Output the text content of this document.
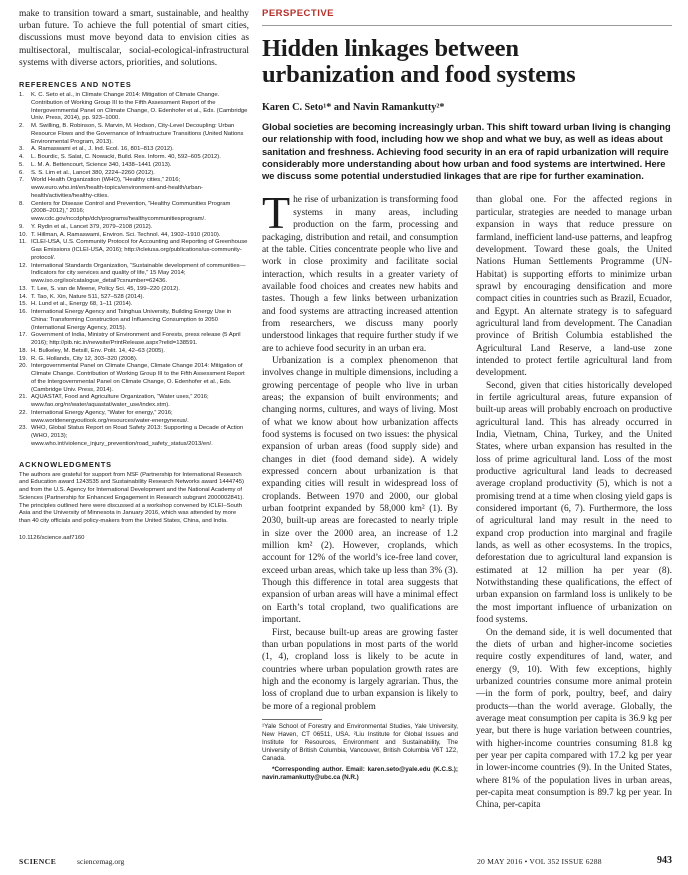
make to transition toward a smart, sustainable, and healthy urban future. To achieve the full potential of smart cities, discussions must move beyond data to envision cities as multisectoral, multiscalar, social-ecological-infrastructural systems with diverse actors, priorities, and solutions.

REFERENCES AND NOTES
1. K. C. Seto et al., in Climate Change 2014: Mitigation of Climate Change. Contribution of Working Group III to the Fifth Assessment Report of the Intergovernmental Panel on Climate Change, O. Edenhofer et al., Eds. (Cambridge Univ. Press, 2014), pp. 923–1000.
2. M. Swilling, B. Robinson, S. Marvin, M. Hodson, City-Level Decoupling: Urban Resource Flows and the Governance of Infrastructure Transitions (United Nations Environmental Program, 2013).
3. A. Ramaswami et al., J. Ind. Ecol. 16, 801–813 (2012).
4. L. Bourdic, S. Salat, C. Nowacki, Build. Res. Inform. 40, 592–605 (2012).
5. L. M. A. Bettencourt, Science 340, 1438–1441 (2013).
6. S. S. Lim et al., Lancet 380, 2224–2260 (2012).
7. World Health Organization (WHO), “Healthy cities,” 2016; www.euro.who.int/en/health-topics/environment-and-health/urban-health/activities/healthy-cities.
8. Centers for Disease Control and Prevention, “Healthy Communities Program (2008–2012),” 2016; www.cdc.gov/nccdphp/dch/programs/healthycommunitiesprogram/.
9. Y. Rydin et al., Lancet 379, 2079–2108 (2012).
10. T. Hillman, A. Ramaswami, Environ. Sci. Technol. 44, 1902–1910 (2010).
11. ICLEI-USA, U.S. Community Protocol for Accounting and Reporting of Greenhouse Gas Emissions (ICLEI-USA, 2016); http://icleiusa.org/publications/us-community-protocol/.
12. International Standards Organization, “Sustainable development of communities—Indicators for city services and quality of life,” 15 May 2014; www.iso.org/iso/catalogue_detail?csnumber=62436.
13. T. Lee, S. van de Meene, Policy Sci. 45, 199–220 (2012).
14. T. Tao, K. Xin, Nature 511, 527–528 (2014).
15. H. Lund et al., Energy 68, 1–11 (2014).
16. International Energy Agency and Tsinghua University, Building Energy Use in China: Transforming Construction and Influencing Consumption to 2050 (International Energy Agency, 2015).
17. Government of India, Ministry of Environment and Forests, press release (5 April 2016); http://pib.nic.in/newsite/PrintRelease.aspx?relid=138591.
18. H. Bulkeley, M. Betsill, Env. Polit. 14, 42–63 (2005).
19. R. G. Hollands, City 12, 303–320 (2008).
20. Intergovernmental Panel on Climate Change, Climate Change 2014: Mitigation of Climate Change. Contribution of Working Group III to the Fifth Assessment Report of the Intergovernmental Panel on Climate Change, O. Edenhofer et al., Eds. (Cambridge Univ. Press, 2014).
21. AQUASTAT, Food and Agriculture Organization, “Water uses,” 2016; www.fao.org/nr/water/aquastat/water_use/index.stm).
22. International Energy Agency, “Water for energy,” 2016; www.worldenergyoutlook.org/resources/water-energynexus/.
23. WHO, Global Status Report on Road Safety 2013: Supporting a Decade of Action (WHO, 2013); www.who.int/violence_injury_prevention/road_safety_status/2013/en/.
ACKNOWLEDGMENTS

The authors are grateful for support from NSF (Partnership for International Research and Education award 1243535 and Sustainability Research Networks award 1444745) and from the U.S. Agency for International Development and the National Academy of Sciences (Partnership for Enhanced Engagement in Research subgrant 2000002841). The principles outlined here were discussed at a workshop convened by ICLEI–South Asia and the University of Minnesota in January 2016, which was attended by more than 40 city officials and policy-makers from the United States, China, and India.

10.1126/science.aaf7160

PERSPECTIVE
Hidden linkages between
urbanization and food systems
Karen C. Seto¹* and Navin Ramankutty²*

Global societies are becoming increasingly urban. This shift toward urban living is changing our relationship with food, including how we shop and what we buy, as well as ideas about sanitation and freshness. Achieving food security in an era of rapid urbanization will require considerably more understanding about how urban and food systems are intertwined. Here we discuss some potential understudied linkages that are ripe for further examination.

The rise of urbanization is transforming food systems in many areas, including production on the farm, processing and packaging, distribution and retail, and consumption at the table. Cities concentrate people who live and work in close proximity and facilitate social interaction, which results in a greater variety of available food choices and creates new habits and tastes. Though a few links between urbanization and food systems are attracting increased attention from researchers, we discuss many poorly understood linkages that require further study if we are to achieve food security in an urban era.

Urbanization is a complex phenomenon that involves change in multiple dimensions, including a growing percentage of people who live in urban areas; the expansion of built environments; and changing norms, cultures, and ways of living. Most of what we know about how urbanization affects food systems is focused on two issues: the physical expansion of urban areas (food supply side) and changes in diet (food demand side). A widely expressed concern about urbanization is that expanding cities will result in widespread loss of croplands. Between 1970 and 2000, our global urban footprint expanded by 58,000 km² (1). By 2030, built-up areas are forecasted to nearly triple in size over the 2000 area, an increase of 1.2 million km² (2). However, croplands, which account for 12% of the world’s ice-free land cover, exceed urban areas, which take up less than 3% (3). Though this difference in total area suggests that expansion of urban areas will have a minimal effect on Earth’s total cropland, two qualifications are important.

First, because built-up areas are growing faster than urban populations in most parts of the world (1, 4), cropland loss is likely to be acute in countries where urban population growth rates are high and the economy is largely agrarian. Thus, the loss of cropland due to urban expansion is likely to be more of a regional problem

¹Yale School of Forestry and Environmental Studies, Yale University, New Haven, CT 06511, USA. ²Liu Institute for Global Issues and Institute for Resources, Environment and Sustainability, The University of British Columbia, Vancouver, British Columbia V6T 1Z2, Canada.

*Corresponding author. Email: karen.seto@yale.edu (K.C.S.); navin.ramankutty@ubc.ca (N.R.)

than global one. For the affected regions in particular, strategies are needed to manage urban expansion in ways that reduce pressure on farmland, inefficient land-use patterns, and leapfrog development. Toward these goals, the United Nations Human Settlements Programme (UN-Habitat) is supporting efforts to minimize urban sprawl by encouraging densification and more compact cities in countries such as Brazil, Ecuador, and Egypt. An alternate strategy is to safeguard agricultural land from development. The Canadian province of British Columbia established the Agricultural Land Reserve, a land-use zone intended to protect fertile agricultural land from development.

Second, given that cities historically developed in fertile agricultural areas, future expansion of built-up areas will probably encroach on productive agricultural land. This has already occurred in India, Vietnam, China, Turkey, and the United States, where urban expansion has resulted in the loss of prime agricultural land. Loss of the most productive agricultural land leads to decreased average cropland productivity (5), which is not a promising trend at a time when closing yield gaps is considered important (6, 7). Furthermore, the loss of agricultural land may result in the need to expand crop production into marginal and fragile lands, as well as other ecosystems. In the tropics, deforestation due to agricultural land expansion is estimated at 12 million ha per year (8). Notwithstanding these qualifications, the effect of urban expansion on farmland loss is unlikely to be the most important influence of urbanization on food systems.

On the demand side, it is well documented that the diets of urban and higher-income societies require costly expenditures of land, water, and energy (9, 10). With few exceptions, highly urbanized countries consume more animal protein—in the form of pork, poultry, beef, and dairy products—than the world average. Globally, the average meat consumption per capita is 36.9 kg per year, but there is huge variation between countries, with higher-income countries consuming 81.8 kg per year per capita compared with 17.2 kg per year in lower-income countries (9). In the United States, where 81% of the population lives in urban areas, per-capita meat consumption is 89.7 kg per year. In China, per-capita

SCIENCE	sciencemag.org	20 MAY 2016 • VOL 352 ISSUE 6288	943
